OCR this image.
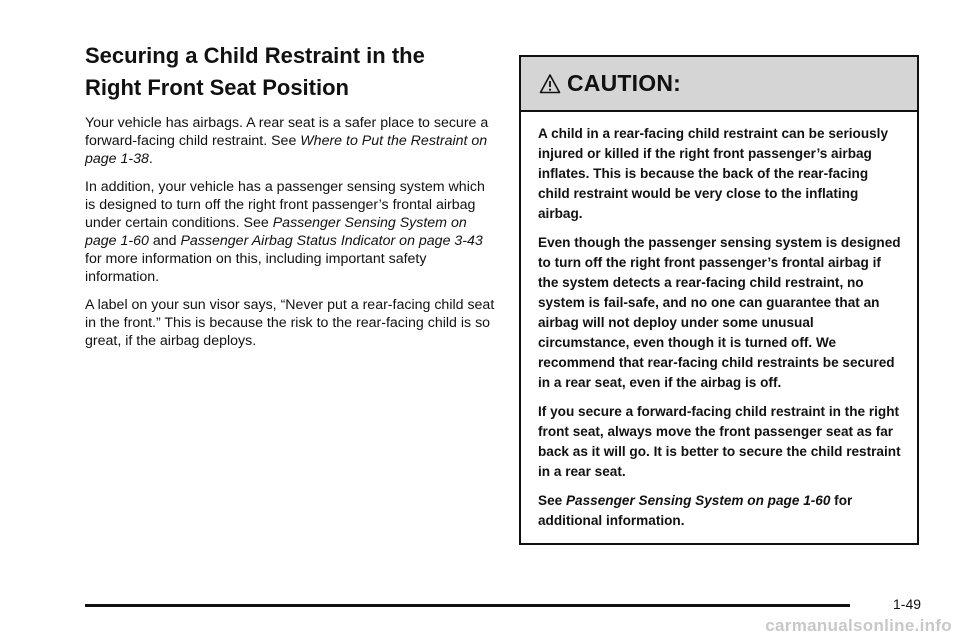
Securing a Child Restraint in the
Right Front Seat Position

Your vehicle has airbags. A rear seat is a safer place to secure a forward-facing child restraint. See Where to Put the Restraint on page 1-38.

In addition, your vehicle has a passenger sensing system which is designed to turn off the right front passenger’s frontal airbag under certain conditions. See Passenger Sensing System on page 1-60 and Passenger Airbag Status Indicator on page 3-43 for more information on this, including important safety information.

A label on your sun visor says, “Never put a rear-facing child seat in the front.” This is because the risk to the rear-facing child is so great, if the airbag deploys.

CAUTION:

A child in a rear-facing child restraint can be seriously injured or killed if the right front passenger’s airbag inflates. This is because the back of the rear-facing child restraint would be very close to the inflating airbag.

Even though the passenger sensing system is designed to turn off the right front passenger’s frontal airbag if the system detects a rear-facing child restraint, no system is fail-safe, and no one can guarantee that an airbag will not deploy under some unusual circumstance, even though it is turned off. We recommend that rear-facing child restraints be secured in a rear seat, even if the airbag is off.

If you secure a forward-facing child restraint in the right front seat, always move the front passenger seat as far back as it will go. It is better to secure the child restraint in a rear seat.

See Passenger Sensing System on page 1-60 for additional information.

1-49
carmanualsonline.info
